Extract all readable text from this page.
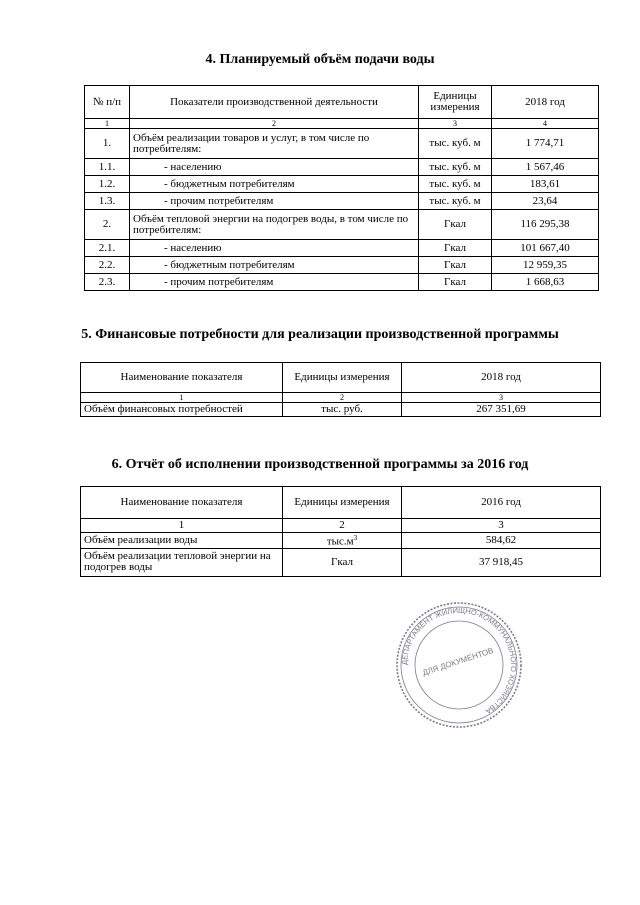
4. Планируемый объём подачи воды
№ п/п	Показатели производственной деятельности	Единицы измерения	2018 год
1	2	3	4
1.	Объём реализации товаров и услуг, в том числе по потребителям:	тыс. куб. м	1 774,71
1.1.	- населению	тыс. куб. м	1 567,46
1.2.	- бюджетным потребителям	тыс. куб. м	183,61
1.3.	- прочим потребителям	тыс. куб. м	23,64
2.	Объём тепловой энергии на подогрев воды, в том числе по потребителям:	Гкал	116 295,38
2.1.	- населению	Гкал	101 667,40
2.2.	- бюджетным потребителям	Гкал	12 959,35
2.3.	- прочим потребителям	Гкал	1 668,63
5. Финансовые потребности для реализации производственной программы
Наименование показателя	Единицы измерения	2018 год
1	2	3
Объём финансовых потребностей	тыс. руб.	267 351,69
6. Отчёт об исполнении производственной программы за 2016 год
Наименование показателя	Единицы измерения	2016 год
1	2	3
Объём реализации воды	$тыс.м^3$	584,62
Объём реализации тепловой энергии на подогрев воды	Гкал	37 918,45
ДЕПАРТАМЕНТ ЖИЛИЩНО-КОММУНАЛЬНОГО ХОЗЯЙСТВА
ДЛЯ ДОКУМЕНТОВ
